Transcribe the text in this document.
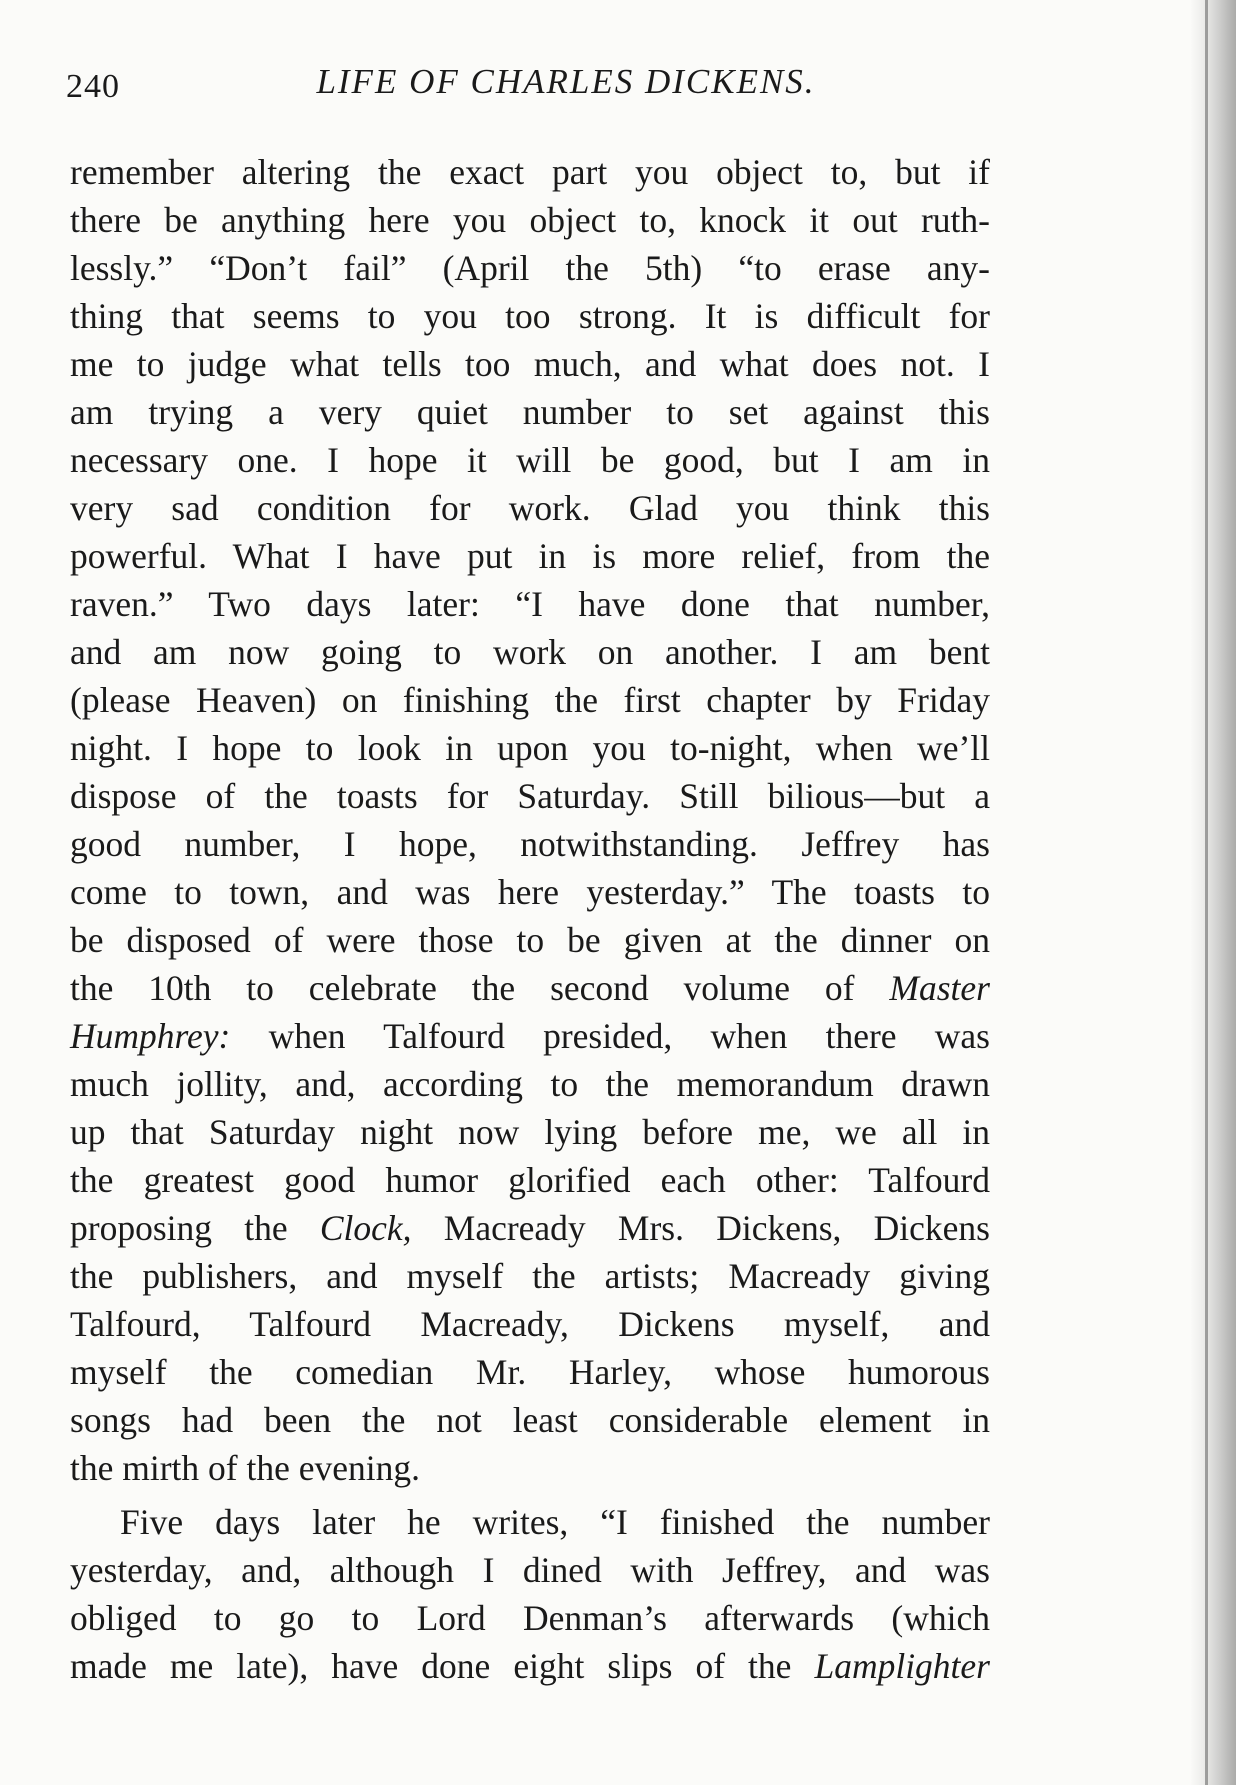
240	LIFE OF CHARLES DICKENS.
remember altering the exact part you object to, but if
there be anything here you object to, knock it out ruth-
lessly.” “Don’t fail” (April the 5th) “to erase any-
thing that seems to you too strong. It is difficult for
me to judge what tells too much, and what does not. I
am trying a very quiet number to set against this
necessary one. I hope it will be good, but I am in
very sad condition for work. Glad you think this
powerful. What I have put in is more relief, from the
raven.” Two days later: “I have done that number,
and am now going to work on another. I am bent
(please Heaven) on finishing the first chapter by Friday
night. I hope to look in upon you to-night, when we’ll
dispose of the toasts for Saturday. Still bilious—but a
good number, I hope, notwithstanding. Jeffrey has
come to town, and was here yesterday.” The toasts to
be disposed of were those to be given at the dinner on
the 10th to celebrate the second volume of Master
Humphrey: when Talfourd presided, when there was
much jollity, and, according to the memorandum drawn
up that Saturday night now lying before me, we all in
the greatest good humor glorified each other: Talfourd
proposing the Clock, Macready Mrs. Dickens, Dickens
the publishers, and myself the artists; Macready giving
Talfourd, Talfourd Macready, Dickens myself, and
myself the comedian Mr. Harley, whose humorous
songs had been the not least considerable element in
the mirth of the evening.
Five days later he writes, “I finished the number
yesterday, and, although I dined with Jeffrey, and was
obliged to go to Lord Denman’s afterwards (which
made me late), have done eight slips of the Lamplighter
